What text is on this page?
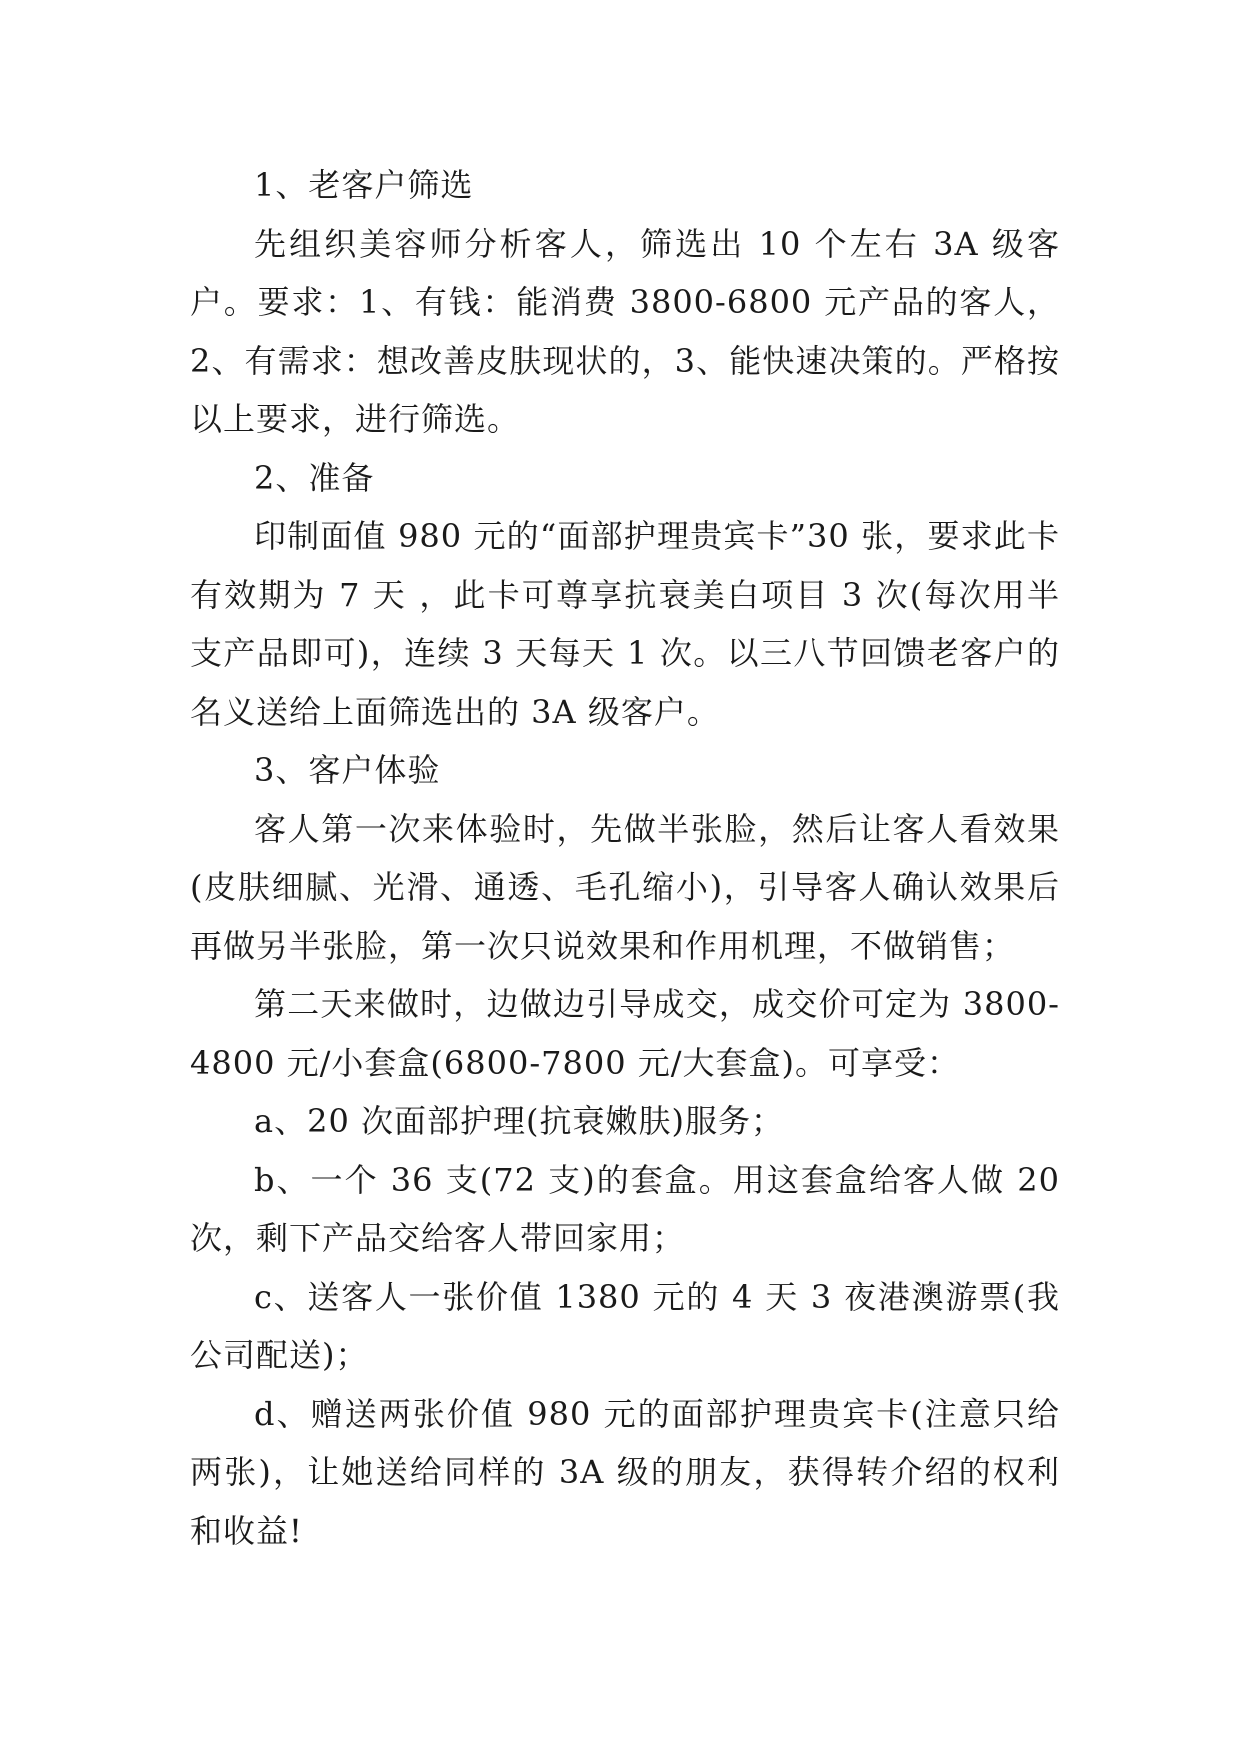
1、老客户筛选

先组织美容师分析客人，筛选出 10 个左右 3A 级客户。要求：1、有钱：能消费 3800-6800 元产品的客人，2、有需求：想改善皮肤现状的，3、能快速决策的。严格按以上要求，进行筛选。

2、准备

印制面值 980 元的“面部护理贵宾卡”30 张，要求此卡有效期为 7 天 ，此卡可尊享抗衰美白项目 3 次(每次用半支产品即可)，连续 3 天每天 1 次。以三八节回馈老客户的名义送给上面筛选出的 3A 级客户。

3、客户体验

客人第一次来体验时，先做半张脸，然后让客人看效果(皮肤细腻、光滑、通透、毛孔缩小)，引导客人确认效果后再做另半张脸，第一次只说效果和作用机理，不做销售；

第二天来做时，边做边引导成交，成交价可定为 3800-4800 元/小套盒(6800-7800 元/大套盒)。可享受：

a、20 次面部护理(抗衰嫩肤)服务；

b、一个 36 支(72 支)的套盒。用这套盒给客人做 20 次，剩下产品交给客人带回家用；

c、送客人一张价值 1380 元的 4 天 3 夜港澳游票(我公司配送)；

d、赠送两张价值 980 元的面部护理贵宾卡(注意只给两张)，让她送给同样的 3A 级的朋友，获得转介绍的权利和收益!
